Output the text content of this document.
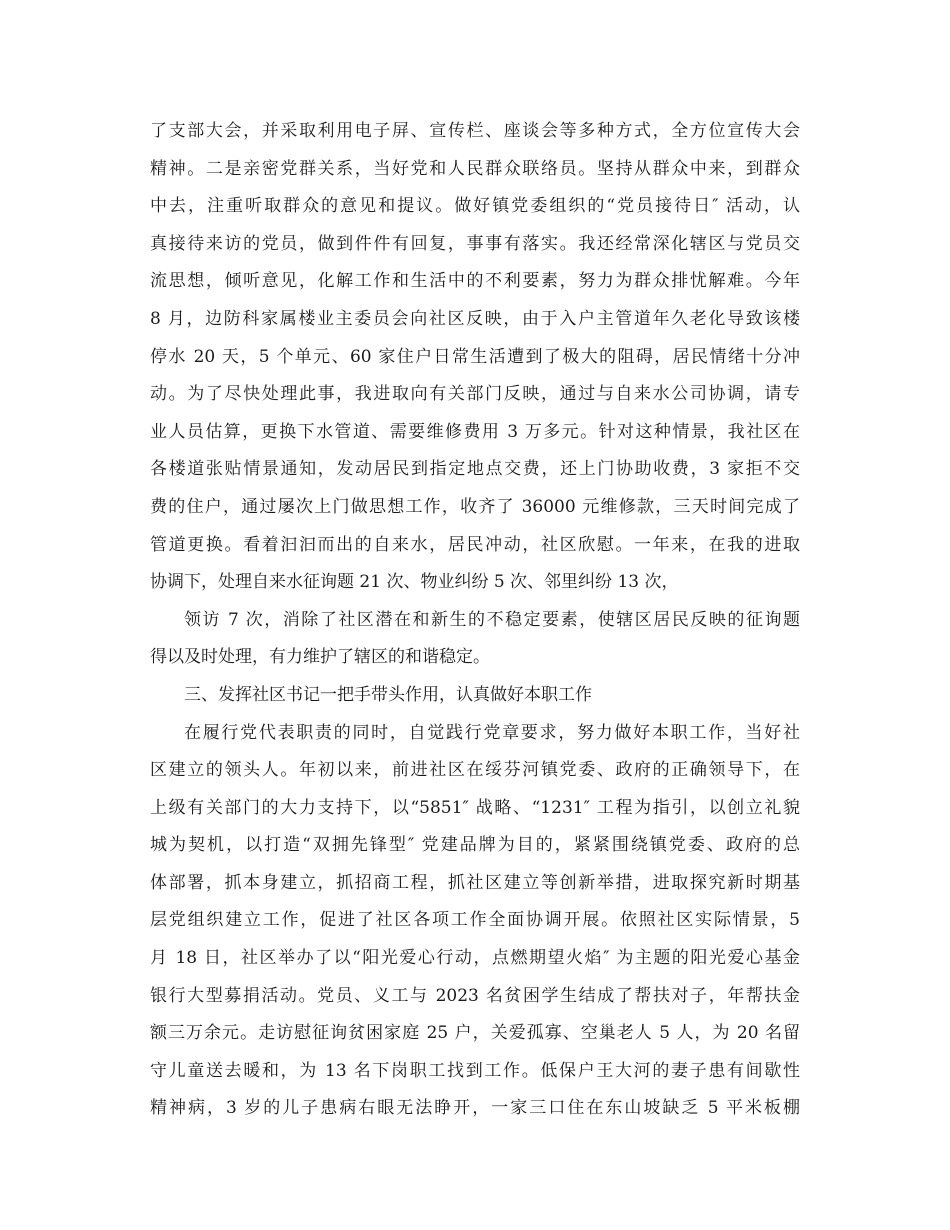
了支部大会，并采取利用电子屏、宣传栏、座谈会等多种方式，全方位宣传大会
精神。二是亲密党群关系，当好党和人民群众联络员。坚持从群众中来，到群众
中去，注重听取群众的意见和提议。做好镇党委组织的“党员接待日″ 活动，认
真接待来访的党员，做到件件有回复，事事有落实。我还经常深化辖区与党员交
流思想，倾听意见，化解工作和生活中的不利要素，努力为群众排忧解难。今年
8 月，边防科家属楼业主委员会向社区反映，由于入户主管道年久老化导致该楼
停水 20 天，5 个单元、60 家住户日常生活遭到了极大的阻碍，居民情绪十分冲
动。为了尽快处理此事，我进取向有关部门反映，通过与自来水公司协调，请专
业人员估算，更换下水管道、需要维修费用 3 万多元。针对这种情景，我社区在
各楼道张贴情景通知，发动居民到指定地点交费，还上门协助收费，3 家拒不交
费的住户，通过屡次上门做思想工作，收齐了 36000 元维修款，三天时间完成了
管道更换。看着汩汩而出的自来水，居民冲动，社区欣慰。一年来，在我的进取
协调下，处理自来水征询题 21 次、物业纠纷 5 次、邻里纠纷 13 次，
领访 7 次，消除了社区潜在和新生的不稳定要素，使辖区居民反映的征询题
得以及时处理，有力维护了辖区的和谐稳定。
三、发挥社区书记一把手带头作用，认真做好本职工作
在履行党代表职责的同时，自觉践行党章要求，努力做好本职工作，当好社
区建立的领头人。年初以来，前进社区在绥芬河镇党委、政府的正确领导下，在
上级有关部门的大力支持下，以“5851″ 战略、“1231″ 工程为指引，以创立礼貌
城为契机，以打造“双拥先锋型″ 党建品牌为目的，紧紧围绕镇党委、政府的总
体部署，抓本身建立，抓招商工程，抓社区建立等创新举措，进取探究新时期基
层党组织建立工作，促进了社区各项工作全面协调开展。依照社区实际情景，5
月 18 日，社区举办了以“阳光爱心行动，点燃期望火焰″ 为主题的阳光爱心基金
银行大型募捐活动。党员、义工与 2023 名贫困学生结成了帮扶对子，年帮扶金
额三万余元。走访慰征询贫困家庭 25 户，关爱孤寡、空巢老人 5 人，为 20 名留
守儿童送去暖和，为 13 名下岗职工找到工作。低保户王大河的妻子患有间歇性
精神病，3 岁的儿子患病右眼无法睁开，一家三口住在东山坡缺乏 5 平米板棚
